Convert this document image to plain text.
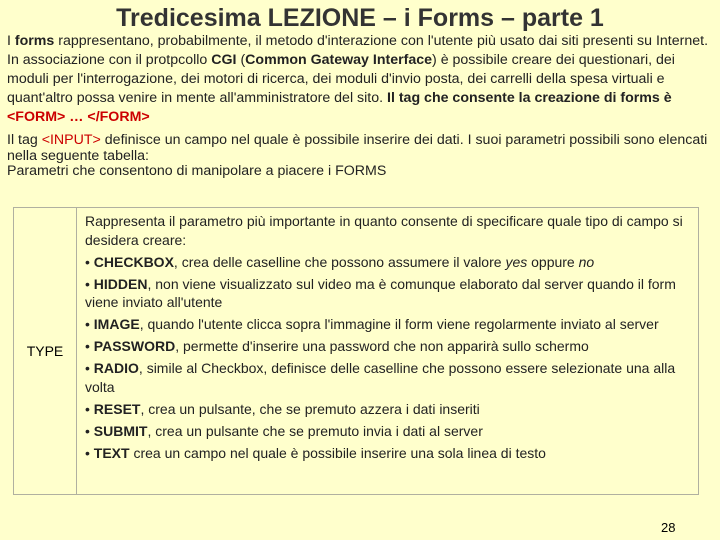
Tredicesima LEZIONE – i Forms – parte 1
I forms rappresentano, probabilmente, il metodo d'interazione con l'utente più usato dai siti presenti su Internet. In associazione con il protpcollo CGI (Common Gateway Interface) è possibile creare dei questionari, dei moduli per l'interrogazione, dei motori di ricerca, dei moduli d'invio posta, dei carrelli della spesa virtuali e quant'altro possa venire in mente all'amministratore del sito. Il tag che consente la creazione di forms è <FORM> … </FORM>
Il tag <INPUT> definisce un campo nel quale è possibile inserire dei dati. I suoi parametri possibili sono elencati nella seguente tabella:
Parametri che consentono di manipolare a piacere i FORMS
TYPE

Rappresenta il parametro più importante in quanto consente di specificare quale tipo di campo si desidera creare:

• CHECKBOX, crea delle caselline che possono assumere il valore yes oppure no

• HIDDEN, non viene visualizzato sul video ma è comunque elaborato dal server quando il form viene inviato all'utente

• IMAGE, quando l'utente clicca sopra l'immagine il form viene regolarmente inviato al server

• PASSWORD, permette d'inserire una password che non apparirà sullo schermo

• RADIO, simile al Checkbox, definisce delle caselline che possono essere selezionate una alla volta

• RESET, crea un pulsante, che se premuto azzera i dati inseriti

• SUBMIT, crea un pulsante che se premuto invia i dati al server

• TEXT crea un campo nel quale è possibile inserire una sola linea di testo

28
